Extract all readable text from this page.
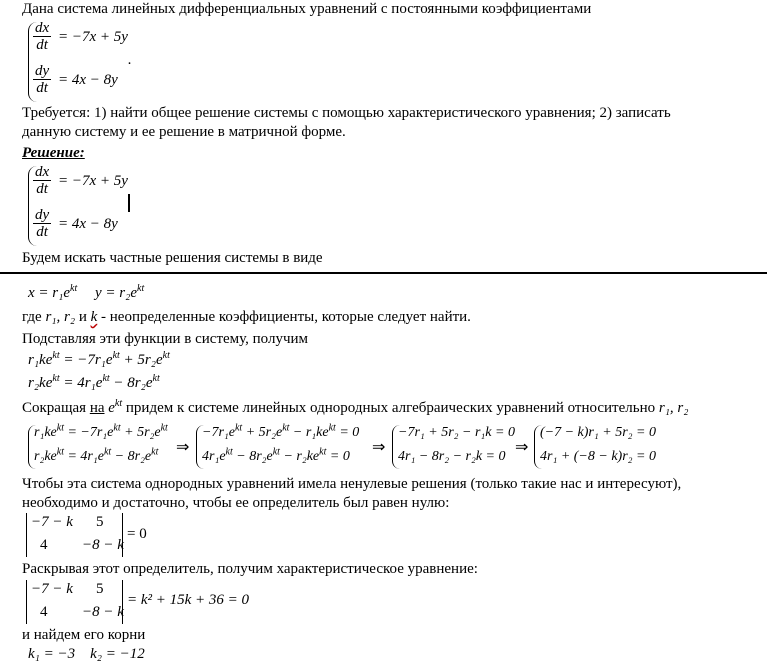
Дана система линейных дифференциальных уравнений с постоянными коэффициентами
$\frac{dx}{dt} = -7x + 5y$
$\frac{dy}{dt} = 4x - 8y$
.
Требуется: 1) найти общее решение системы с помощью характеристического уравнения; 2) записать
данную систему и ее решение в матричной форме.
Решение:
$\frac{dx}{dt} = -7x + 5y$
$\frac{dy}{dt} = 4x - 8y$
Будем искать частные решения системы в виде
$x = r_1e^{kt}$ $y = r_2e^{kt}$
где r₁, r₂ и k - неопределенные коэффициенты, которые следует найти.
Подставляя эти функции в систему, получим
$r_1ke^{kt} = -7r_1e^{kt} + 5r_2e^{kt}$
$r_2ke^{kt} = 4r_1e^{kt} - 8r_2e^{kt}$
Сокращая на $e^{kt}$ придем к системе линейных однородных алгебраических уравнений относительно r₁, r₂
$r_1ke^{kt} = -7r_1e^{kt} + 5r_2e^{kt}$
$r_2ke^{kt} = 4r_1e^{kt} - 8r_2e^{kt}$ ⇒
$-7r_1e^{kt} + 5r_2e^{kt} - r_1ke^{kt} = 0$
$4r_1e^{kt} - 8r_2e^{kt} - r_2ke^{kt} = 0$
⇒
−7r₁ + 5r₂ − r₁k = 0
4r₁ − 8r₂ − r₂k = 0
⇒
(−7 − k)r₁ + 5r₂ = 0
4r₁ + (−8 − k)r₂ = 0
Чтобы эта система однородных уравнений имела ненулевые решения (только такие нас и интересуют),
необходимо и достаточно, чтобы ее определитель был равен нулю:
−7 − k 5
4 −8 − k
= 0
Раскрывая этот определитель, получим характеристическое уравнение:
−7 − k 5
4 −8 − k
= k² + 15k + 36 = 0
и найдем его корни
k₁ = −3    k₂ = −12
